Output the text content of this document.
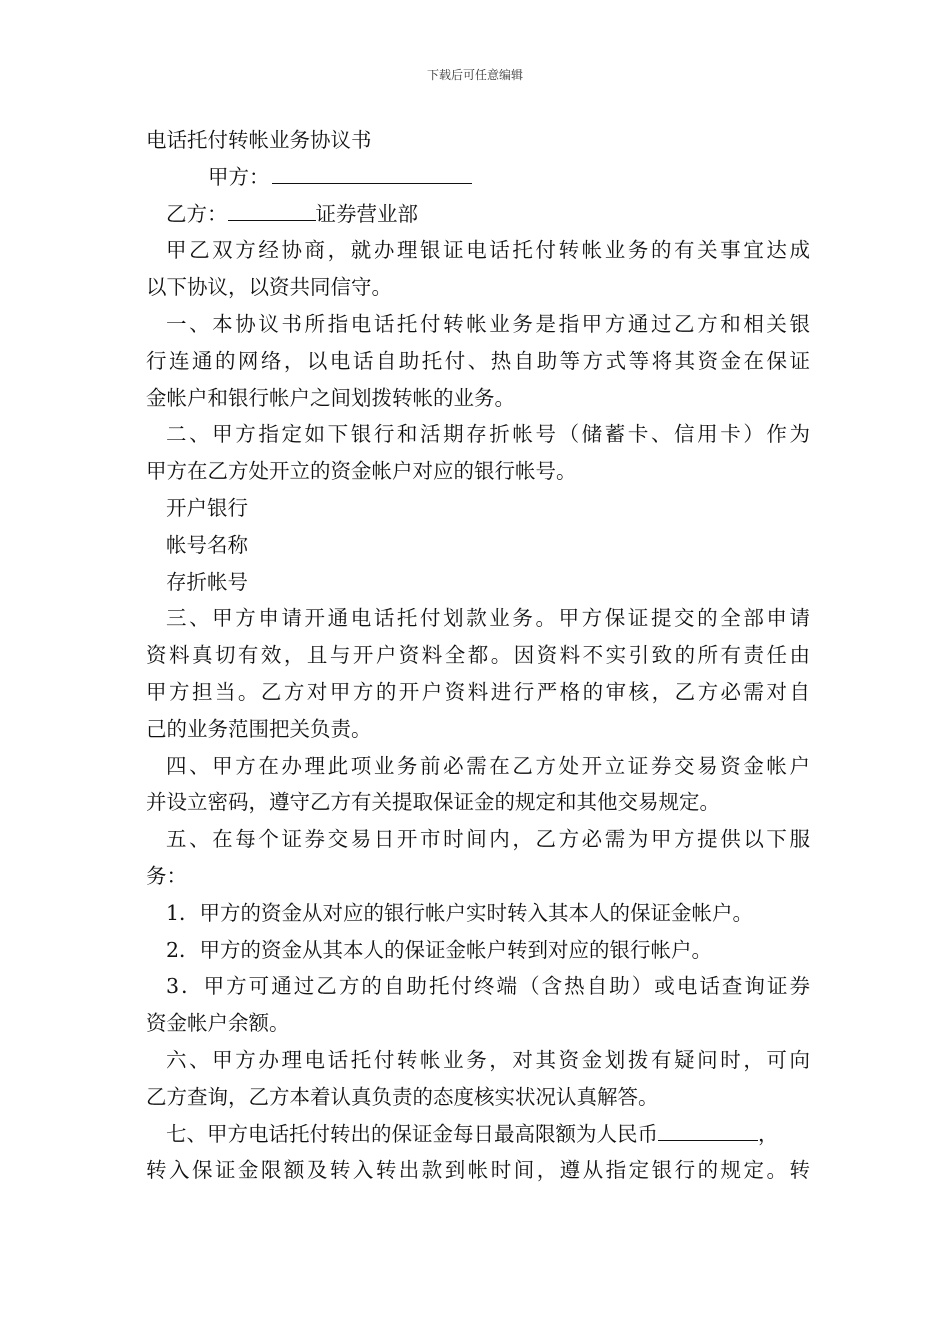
下载后可任意编辑
电话托付转帐业务协议书
甲方：
乙方：	证券营业部
甲乙双方经协商，就办理银证电话托付转帐业务的有关事宜达成
以下协议，以资共同信守。
一、本协议书所指电话托付转帐业务是指甲方通过乙方和相关银
行连通的网络，以电话自助托付、热自助等方式等将其资金在保证
金帐户和银行帐户之间划拨转帐的业务。
二、甲方指定如下银行和活期存折帐号（储蓄卡、信用卡）作为
甲方在乙方处开立的资金帐户对应的银行帐号。
开户银行
帐号名称
存折帐号
三、甲方申请开通电话托付划款业务。甲方保证提交的全部申请
资料真切有效，且与开户资料全都。因资料不实引致的所有责任由
甲方担当。乙方对甲方的开户资料进行严格的审核，乙方必需对自
己的业务范围把关负责。
四、甲方在办理此项业务前必需在乙方处开立证券交易资金帐户
并设立密码，遵守乙方有关提取保证金的规定和其他交易规定。
五、在每个证券交易日开市时间内，乙方必需为甲方提供以下服
务：
1．甲方的资金从对应的银行帐户实时转入其本人的保证金帐户。
2．甲方的资金从其本人的保证金帐户转到对应的银行帐户。
3．甲方可通过乙方的自助托付终端（含热自助）或电话查询证券
资金帐户余额。
六、甲方办理电话托付转帐业务，对其资金划拨有疑问时，可向
乙方查询，乙方本着认真负责的态度核实状况认真解答。
七、甲方电话托付转出的保证金每日最高限额为人民币	，
转入保证金限额及转入转出款到帐时间，遵从指定银行的规定。转
